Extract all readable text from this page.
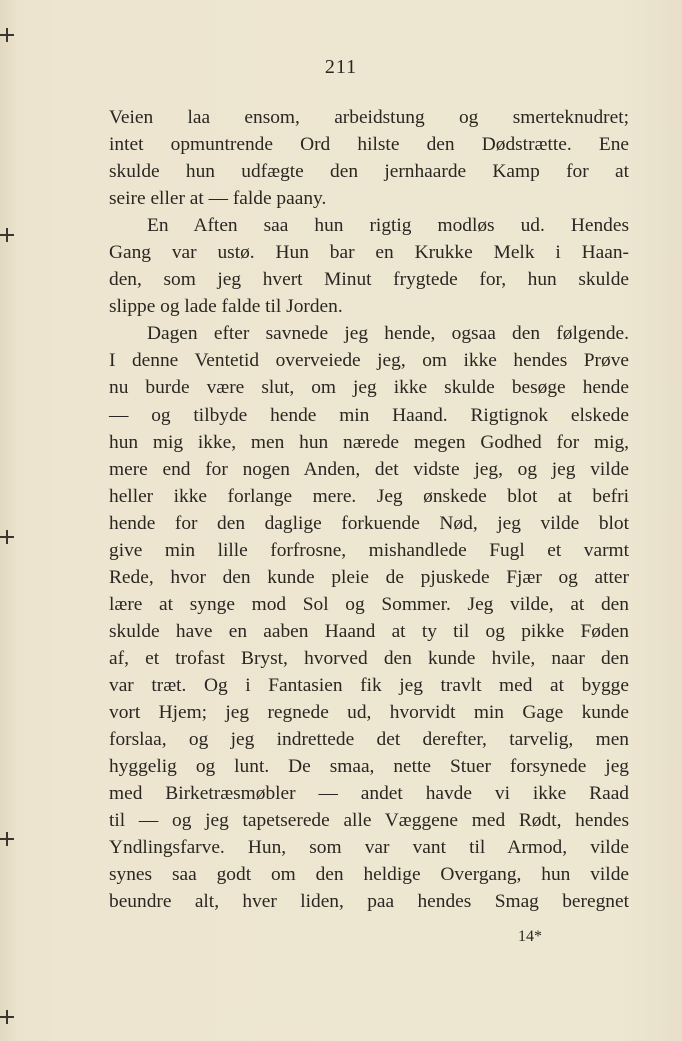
211
Veien laa ensom, arbeidstung og smerteknudret;
intet opmuntrende Ord hilste den Dødstrætte. Ene
skulde hun udfægte den jernhaarde Kamp for at
seire eller at — falde paany.
En Aften saa hun rigtig modløs ud. Hendes
Gang var ustø. Hun bar en Krukke Melk i Haan-
den, som jeg hvert Minut frygtede for, hun skulde
slippe og lade falde til Jorden.
Dagen efter savnede jeg hende, ogsaa den følgende.
I denne Ventetid overveiede jeg, om ikke hendes Prøve
nu burde være slut, om jeg ikke skulde besøge hende
— og tilbyde hende min Haand. Rigtignok elskede
hun mig ikke, men hun nærede megen Godhed for mig,
mere end for nogen Anden, det vidste jeg, og jeg vilde
heller ikke forlange mere. Jeg ønskede blot at befri
hende for den daglige forkuende Nød, jeg vilde blot
give min lille forfrosne, mishandlede Fugl et varmt
Rede, hvor den kunde pleie de pjuskede Fjær og atter
lære at synge mod Sol og Sommer. Jeg vilde, at den
skulde have en aaben Haand at ty til og pikke Føden
af, et trofast Bryst, hvorved den kunde hvile, naar den
var træt. Og i Fantasien fik jeg travlt med at bygge
vort Hjem; jeg regnede ud, hvorvidt min Gage kunde
forslaa, og jeg indrettede det derefter, tarvelig, men
hyggelig og lunt. De smaa, nette Stuer forsynede jeg
med Birketræsmøbler — andet havde vi ikke Raad
til — og jeg tapetserede alle Væggene med Rødt, hendes
Yndlingsfarve. Hun, som var vant til Armod, vilde
synes saa godt om den heldige Overgang, hun vilde
beundre alt, hver liden, paa hendes Smag beregnet
14*
